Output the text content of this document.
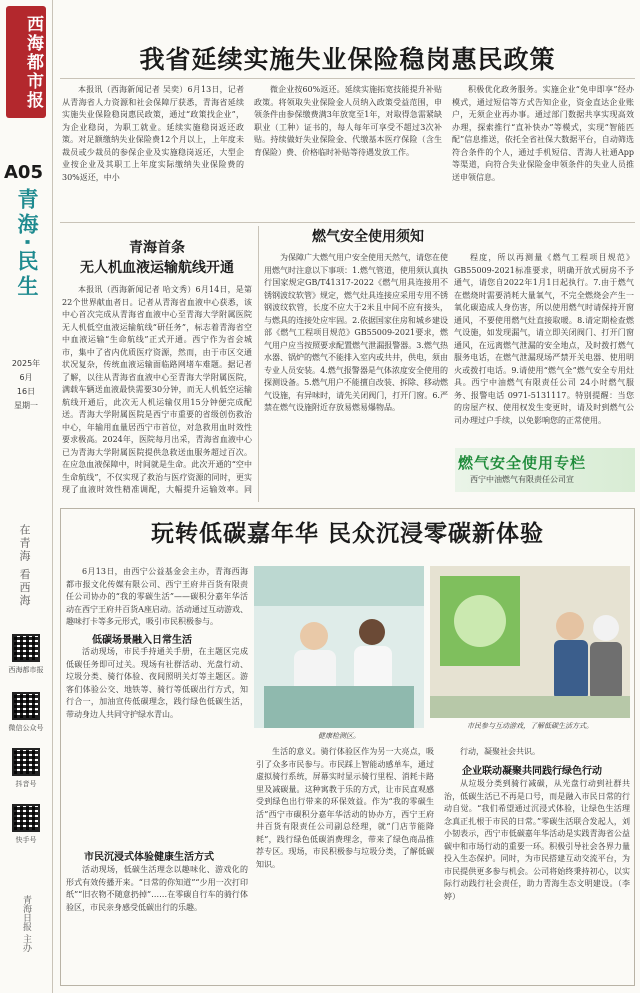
西海都市报
A05
青海·民生
2025年
6月
16日
星期一
在青海 看西海
西海都市报
微信公众号
抖音号
快手号
青海日报 主办
我省延续实施失业保险稳岗惠民政策

本报讯（西海新闻记者 吴奕）6月13日，记者从青海省人力资源和社会保障厅获悉，青海省延续实施失业保险稳岗惠民政策，通过“政策找企业”，为企业稳岗，为职工就业。延续实施稳岗返还政策。对足额缴纳失业保险费12个月以上，上年度未裁员或少裁员的参保企业及实施稳岗返还，大型企业按企业及其职工上年度实际缴纳失业保险费的30%返还，中小

微企业按60%返还。延续实施拓宽技能提升补贴政策。将领取失业保险金人员纳入政策受益范围，申领条件由参保缴费满3年放宽至1年，对取得急需紧缺职业（工种）证书的，每人每年可享受不超过3次补贴。持续做好失业保险金、代缴基本医疗保险（含生育保险）费、价格临时补贴等待遇发放工作。

积极优化政务服务。实施企业“免申即享”经办模式，通过短信等方式告知企业，资金直达企业账户，无须企业再办事。通过部门数据共享实现高效办理，探索推行“直补快办”等模式，实现“智能匹配”信息推送，依托全省社保大数据平台，自动筛选符合条件的个人，通过手机短信、青海人社通App等渠道，向符合失业保险金申领条件的失业人员推送申领信息。

青海首条
无人机血液运输航线开通

本报讯（西海新闻记者 哈文秀）6月14日，是第22个世界献血者日。记者从青海省血液中心获悉，该中心首次完成从青海省血液中心至青海大学附属医院无人机低空血液运输航线“研任务”，标志着青海省空中血液运输“生命航线”正式开通。西宁作为省会城市，集中了省内优质医疗资源，然而，由于市区交通状况复杂，传统血液运输面临路网堵车难题。据记者了解，以往从青海省血液中心至青海大学附属医院，满载车辆送血液最快需要30分钟，而无人机低空运输航线开通后，此次无人机运输仅用15分钟便完成配送。青海大学附属医院是西宁市重要的省级创伤救治中心，年输用血量居西宁市首位，对急救用血时效性要求极高。2024年，医院每月出采，青海省血液中心已为青海大学附属医院提供急救送血服务超过百次。在应急血液保障中，时间就是生命。此次开通的“空中生命航线”，不仅实现了救治与医疗资源的同时，更实现了血液时效性精准调配，大幅提升运输效率。同

燃气安全使用须知

为保障广大燃气用户安全使用天然气，请您在使用燃气时注意以下事项：1.燃气管道，使用须认真执行国家规定GB/T41317-2022《燃气用具连接用不锈钢波纹软管》规定，燃气灶具连接应采用专用不锈钢波纹软管，长度不应大于2米且中间不应有接头，与燃具的连接处应牢固。2.依据国家住房和城乡建设部《燃气工程项目规范》GB55009-2021要求，燃气用户应当按照要求配置燃气泄漏报警器。3.燃气热水器、锅炉的燃气不能排入室内或共井，供电，须由专业人员安装。4.燃气报警器是气体浓度安全使用的探测设备。5.燃气用户不能擅自改装、拆除、移动燃气设施，有异味时，请先关闭阀门，打开门窗。6.严禁在燃气设施附近存放易燃易爆物品。

程度，所以再测量《燃气工程项目规范》GB55009-2021标准要求，明确开放式厨房不予通气，请您自2022年1月1日起执行。7.由于燃气在燃烧时需要消耗大量氧气，不完全燃烧会产生一氧化碳造成人身伤害，所以使用燃气时请保持开窗通风，不要使用燃气灶直接取暖。8.请定期检查燃气设施，如发现漏气，请立即关闭阀门、打开门窗通风，在远离燃气泄漏的安全地点，及时拨打燃气服务电话，在燃气泄漏现场严禁开关电器、使用明火或拨打电话。9.请使用“燃气全”燃气安全专用灶具。西宁中油燃气有限责任公司 24小时燃气服务、报警电话 0971-5131117。特别提醒：当您的房屋产权、使用权发生变更时，请及时到燃气公司办理过户手续，以免影响您的正常使用。

燃气安全使用专栏
西宁中油燃气有限责任公司宣
玩转低碳嘉年华 民众沉浸零碳新体验

6月13日，由西宁公益基金会主办，青海西海都市报文化传媒有限公司、西宁王府井百货有限责任公司协办的“我的零碳生活”——碳积分嘉年华活动在西宁王府井百货A座启动。活动通过互动游戏、趣味打卡等多元形式，吸引市民积极参与。

低碳场景融入日常生活

活动现场，市民手持通关手册，在主题区完成低碳任务即可过关。现场有社群活动、光盘行动、垃圾分类、骑行体验、夜间照明关灯等主题区。游客们体验公交、地铁等、骑行等低碳出行方式，知行合一，加油宣传低碳理念，践行绿色低碳生活，带动身边人共同守护绿水青山。

市民沉浸式体验健康生活方式

活动现场，低碳生活理念以趣味化、游戏化的形式有效传播开来。“日常的你知道”“少用一次打印纸”“旧衣物不随意扔掉”……在零碳自行车的骑行体验区，市民亲身感受低碳出行的乐趣。

健康检测区。
市民参与互动游戏，了解低碳生活方式。

生活的意义。骑行体验区作为另一大亮点，吸引了众多市民参与。市民踩上智能动感单车，通过虚拟骑行系统，屏幕实时显示骑行里程、消耗卡路里及减碳量。这种寓教于乐的方式，让市民直观感受到绿色出行带来的环保效益。作为“我的零碳生活”西宁市碳积分嘉年华活动的协办方，西宁王府井百货有限责任公司副总经理，就“门店节能降耗”，践行绿色低碳消费理念，带来了绿色商品推荐专区。现场，市民积极参与垃圾分类，了解低碳知识。

行动，凝聚社会共识。

企业联动凝聚共同践行绿色行动

从垃圾分类到骑行减碳，从光盘行动到社群共治，低碳生活已不再是口号，而是融入市民日常的行动自觉。“我们希望通过沉浸式体验，让绿色生活理念真正扎根于市民的日常。”零碳生活联合发起人，刘小韧表示，西宁市低碳嘉年华活动是实践青海省公益碳中和市场行动的重要一环。积极引导社会各界力量投入生态保护。同时，为市民搭建互动交流平台，为市民提供更多参与机会。公司将始终秉持初心，以实际行动践行社会责任，助力青海生态文明建设。（李婷）
